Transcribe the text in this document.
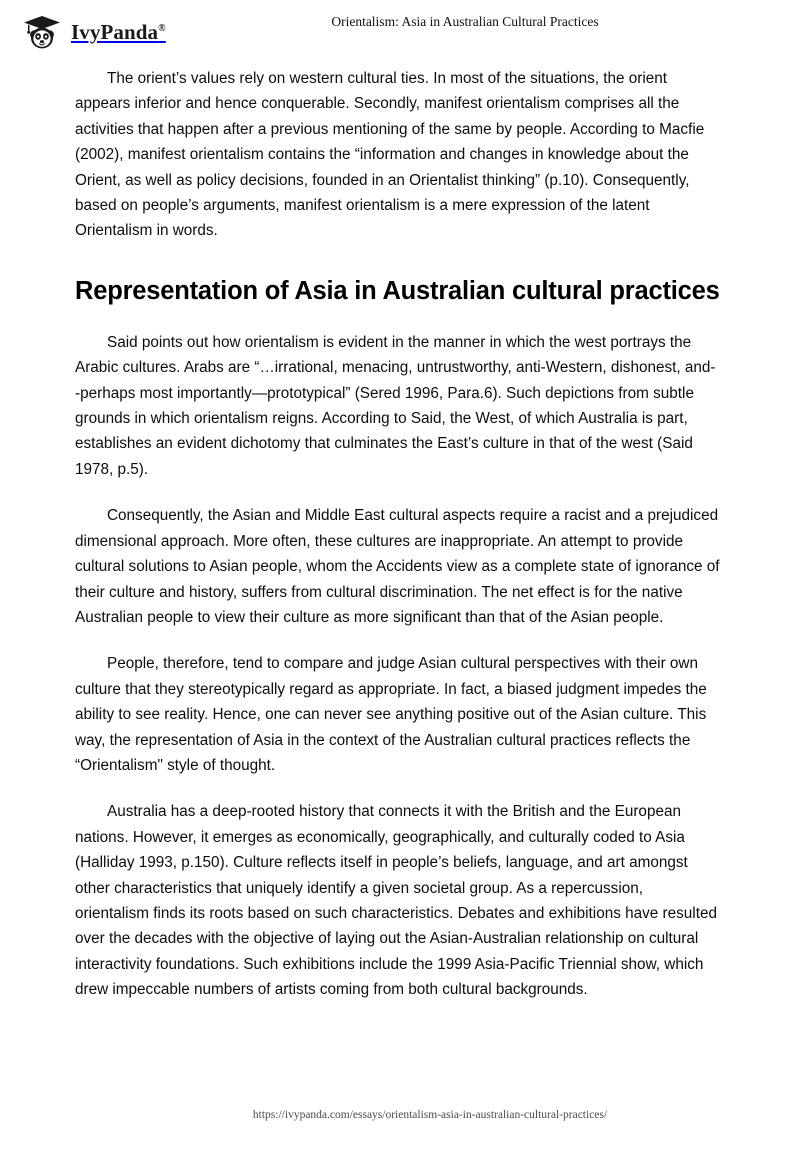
IvyPanda®	Orientalism: Asia in Australian Cultural Practices

The orient’s values rely on western cultural ties. In most of the situations, the orient appears inferior and hence conquerable. Secondly, manifest orientalism comprises all the activities that happen after a previous mentioning of the same by people. According to Macfie (2002), manifest orientalism contains the “information and changes in knowledge about the Orient, as well as policy decisions, founded in an Orientalist thinking” (p.10). Consequently, based on people’s arguments, manifest orientalism is a mere expression of the latent Orientalism in words.

Representation of Asia in Australian cultural practices

Said points out how orientalism is evident in the manner in which the west portrays the Arabic cultures. Arabs are “…irrational, menacing, untrustworthy, anti-Western, dishonest, and--perhaps most importantly—prototypical” (Sered 1996, Para.6). Such depictions from subtle grounds in which orientalism reigns. According to Said, the West, of which Australia is part, establishes an evident dichotomy that culminates the East’s culture in that of the west (Said 1978, p.5).

Consequently, the Asian and Middle East cultural aspects require a racist and a prejudiced dimensional approach. More often, these cultures are inappropriate. An attempt to provide cultural solutions to Asian people, whom the Accidents view as a complete state of ignorance of their culture and history, suffers from cultural discrimination. The net effect is for the native Australian people to view their culture as more significant than that of the Asian people.

People, therefore, tend to compare and judge Asian cultural perspectives with their own culture that they stereotypically regard as appropriate. In fact, a biased judgment impedes the ability to see reality. Hence, one can never see anything positive out of the Asian culture. This way, the representation of Asia in the context of the Australian cultural practices reflects the “Orientalism" style of thought.

Australia has a deep-rooted history that connects it with the British and the European nations. However, it emerges as economically, geographically, and culturally coded to Asia (Halliday 1993, p.150). Culture reflects itself in people’s beliefs, language, and art amongst other characteristics that uniquely identify a given societal group. As a repercussion, orientalism finds its roots based on such characteristics. Debates and exhibitions have resulted over the decades with the objective of laying out the Asian-Australian relationship on cultural interactivity foundations. Such exhibitions include the 1999 Asia-Pacific Triennial show, which drew impeccable numbers of artists coming from both cultural backgrounds.

https://ivypanda.com/essays/orientalism-asia-in-australian-cultural-practices/
